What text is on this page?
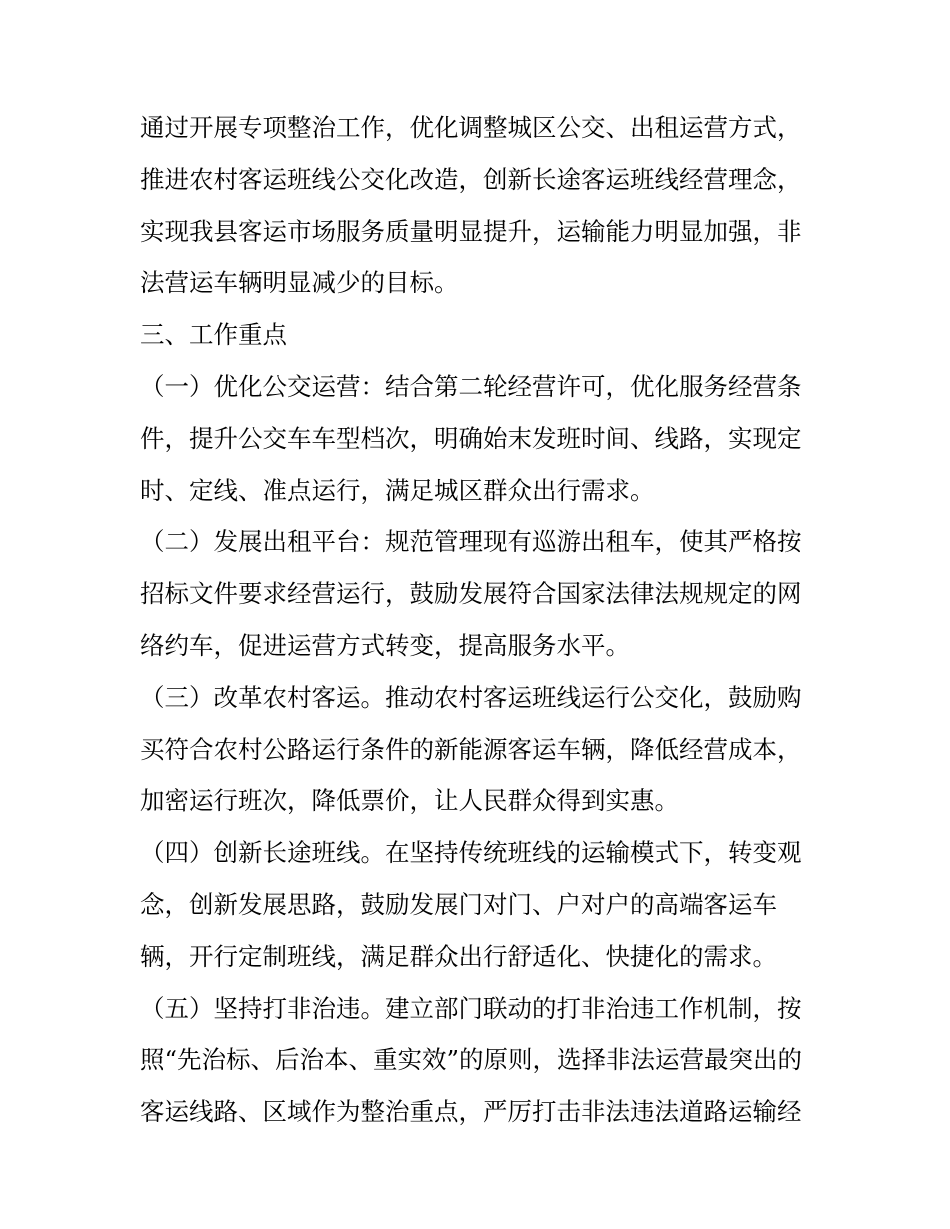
通过开展专项整治工作，优化调整城区公交、出租运营方式，
推进农村客运班线公交化改造，创新长途客运班线经营理念，
实现我县客运市场服务质量明显提升，运输能力明显加强，非
法营运车辆明显减少的目标。
三、工作重点
（一）优化公交运营：结合第二轮经营许可，优化服务经营条
件，提升公交车车型档次，明确始末发班时间、线路，实现定
时、定线、准点运行，满足城区群众出行需求。
（二）发展出租平台：规范管理现有巡游出租车，使其严格按
招标文件要求经营运行，鼓励发展符合国家法律法规规定的网
络约车，促进运营方式转变，提高服务水平。
（三）改革农村客运。推动农村客运班线运行公交化，鼓励购
买符合农村公路运行条件的新能源客运车辆，降低经营成本，
加密运行班次，降低票价，让人民群众得到实惠。
（四）创新长途班线。在坚持传统班线的运输模式下，转变观
念，创新发展思路，鼓励发展门对门、户对户的高端客运车
辆，开行定制班线，满足群众出行舒适化、快捷化的需求。
（五）坚持打非治违。建立部门联动的打非治违工作机制，按
照“先治标、后治本、重实效”的原则，选择非法运营最突出的
客运线路、区域作为整治重点，严厉打击非法违法道路运输经
